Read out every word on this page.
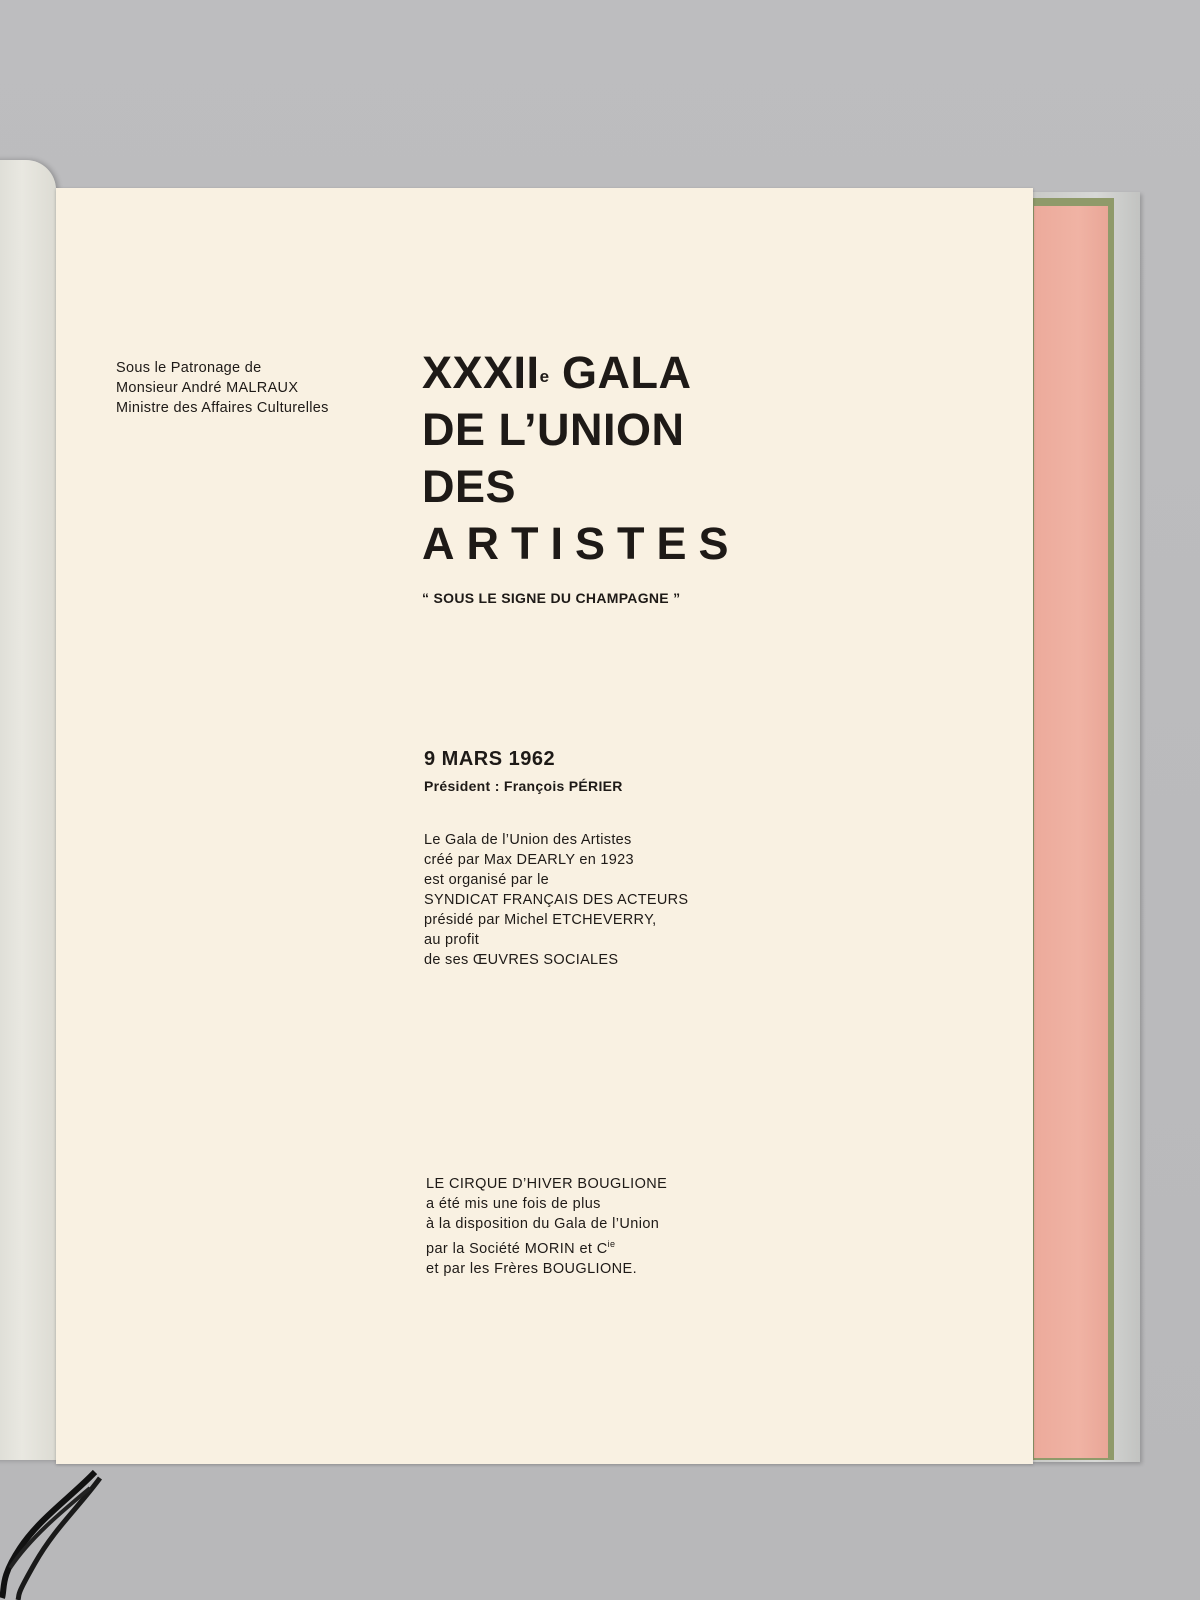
Sous le Patronage de
Monsieur André MALRAUX
Ministre des Affaires Culturelles
XXXIIe GALA
DE L’UNION
DES
ARTISTES
“ SOUS LE SIGNE DU CHAMPAGNE ”
9 MARS 1962
Président : François PÉRIER
Le Gala de l’Union des Artistes
créé par Max DEARLY en 1923
est organisé par le
SYNDICAT FRANÇAIS DES ACTEURS
présidé par Michel ETCHEVERRY,
au profit
de ses ŒUVRES SOCIALES
LE CIRQUE D’HIVER BOUGLIONE
a été mis une fois de plus
à la disposition du Gala de l’Union
par la Société MORIN et $C^{ie}$
et par les Frères BOUGLIONE.
